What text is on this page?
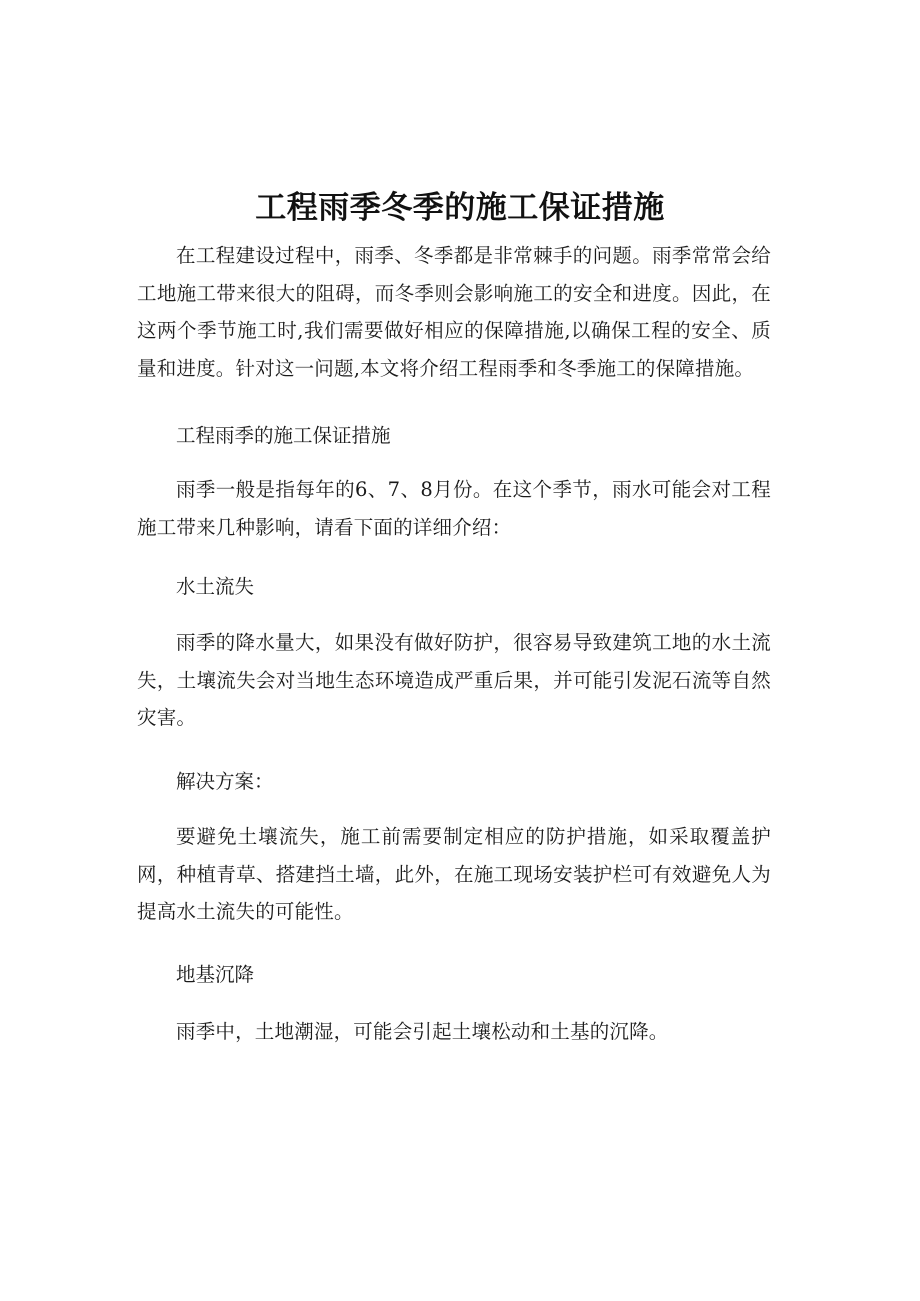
工程雨季冬季的施工保证措施

在工程建设过程中，雨季、冬季都是非常棘手的问题。雨季常常会给工地施工带来很大的阻碍，而冬季则会影响施工的安全和进度。因此，在这两个季节施工时,我们需要做好相应的保障措施,以确保工程的安全、质量和进度。针对这一问题,本文将介绍工程雨季和冬季施工的保障措施。

工程雨季的施工保证措施

雨季一般是指每年的6、7、8月份。在这个季节，雨水可能会对工程施工带来几种影响，请看下面的详细介绍：

水土流失

雨季的降水量大，如果没有做好防护，很容易导致建筑工地的水土流失，土壤流失会对当地生态环境造成严重后果，并可能引发泥石流等自然灾害。

解决方案：

要避免土壤流失，施工前需要制定相应的防护措施，如采取覆盖护网，种植青草、搭建挡土墙，此外，在施工现场安装护栏可有效避免人为提高水土流失的可能性。

地基沉降

雨季中，土地潮湿，可能会引起土壤松动和土基的沉降。
